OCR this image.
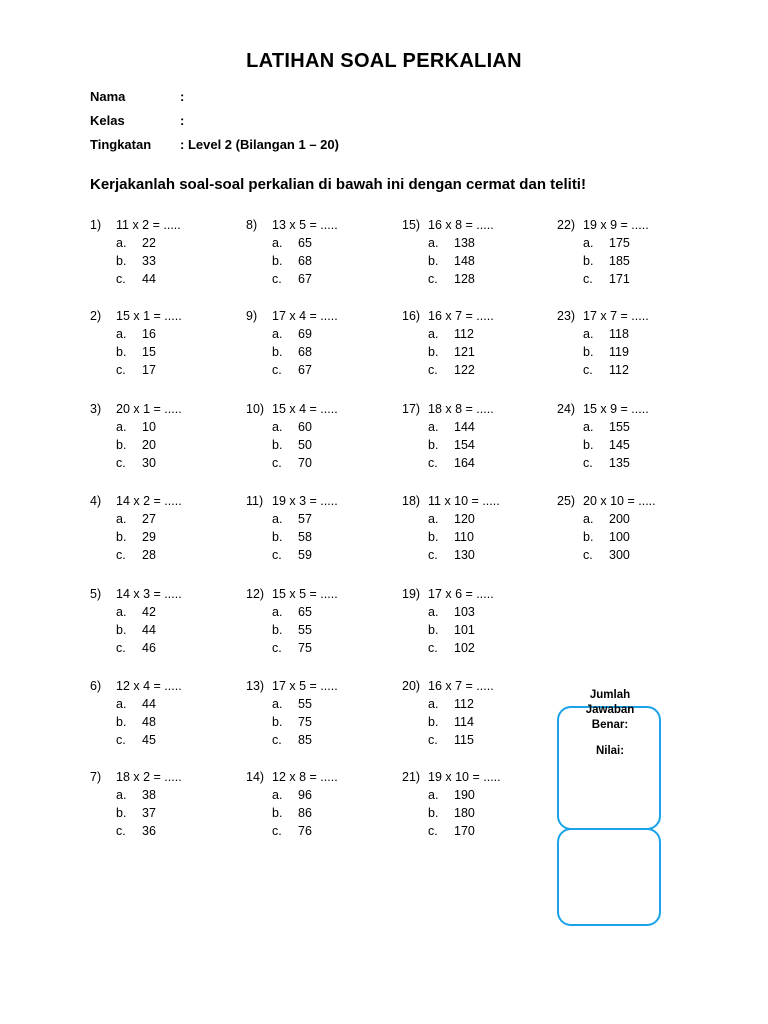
LATIHAN SOAL PERKALIAN
Nama	:
Kelas	:
Tingkatan : Level 2 (Bilangan 1 – 20)
Kerjakanlah soal-soal perkalian di bawah ini dengan cermat dan teliti!
1) 11 x 2 = .....
a. 22
b. 33
c. 44
2) 15 x 1 = .....
a. 16
b. 15
c. 17
3) 20 x 1 = .....
a. 10
b. 20
c. 30
4) 14 x 2 = .....
a. 27
b. 29
c. 28
5) 14 x 3 = .....
a. 42
b. 44
c. 46
6) 12 x 4 = .....
a. 44
b. 48
c. 45
7) 18 x 2 = .....
a. 38
b. 37
c. 36
8) 13 x 5 = .....
a. 65
b. 68
c. 67
9) 17 x 4 = .....
a. 69
b. 68
c. 67
10) 15 x 4 = .....
a. 60
b. 50
c. 70
11) 19 x 3 = .....
a. 57
b. 58
c. 59
12) 15 x 5 = .....
a. 65
b. 55
c. 75
13) 17 x 5 = .....
a. 55
b. 75
c. 85
14) 12 x 8 = .....
a. 96
b. 86
c. 76
15) 16 x 8 = .....
a. 138
b. 148
c. 128
16) 16 x 7 = .....
a. 112
b. 121
c. 122
17) 18 x 8 = .....
a. 144
b. 154
c. 164
18) 11 x 10 = .....
a. 120
b. 110
c. 130
19) 17 x 6 = .....
a. 103
b. 101
c. 102
20) 16 x 7 = .....
a. 112
b. 114
c. 115
21) 19 x 10 = .....
a. 190
b. 180
c. 170
22) 19 x 9 = .....
a. 175
b. 185
c. 171
23) 17 x 7 = .....
a. 118
b. 119
c. 112
24) 15 x 9 = .....
a. 155
b. 145
c. 135
25) 20 x 10 = .....
a. 200
b. 100
c. 300
Jumlah
Jawaban
Benar:
Nilai:
